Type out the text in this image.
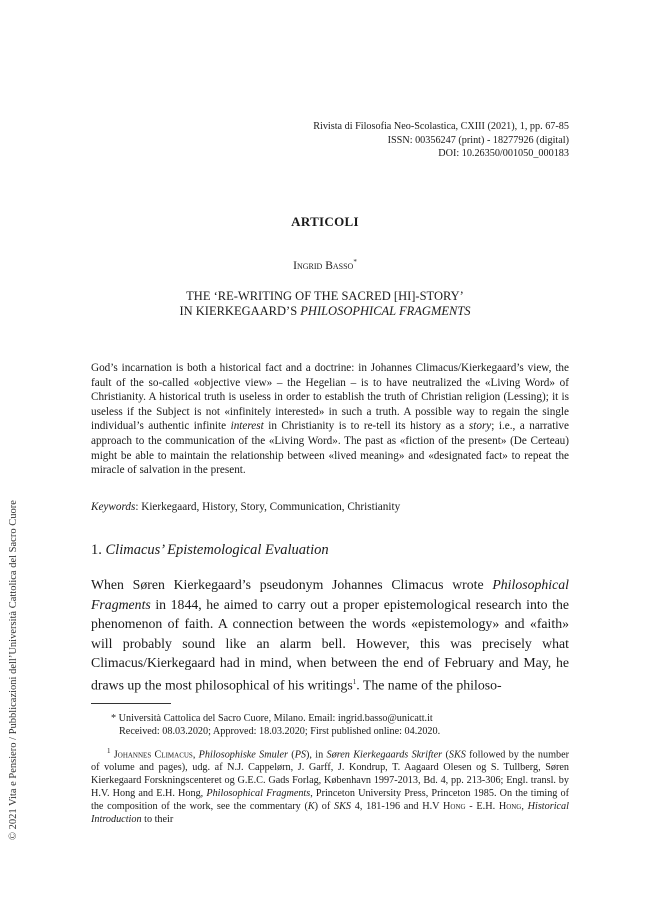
© 2021 Vita e Pensiero / Pubblicazioni dell’Università Cattolica del Sacro Cuore
Rivista di Filosofia Neo-Scolastica, CXIII (2021), 1, pp. 67-85
ISSN: 00356247 (print) - 18277926 (digital)
DOI: 10.26350/001050_000183
ARTICOLI
Ingrid Basso*
THE ‘RE-WRITING OF THE SACRED [HI]-STORY’
IN KIERKEGAARD’S PHILOSOPHICAL FRAGMENTS
God’s incarnation is both a historical fact and a doctrine: in Johannes Climacus/Kierkegaard’s view, the fault of the so-called «objective view» – the Hegelian – is to have neutralized the «Living Word» of Christianity. A historical truth is useless in order to establish the truth of Christian religion (Lessing); it is useless if the Subject is not «infinitely interested» in such a truth. A possible way to regain the single individual’s authentic infinite interest in Christianity is to re-tell its history as a story; i.e., a narrative approach to the communication of the «Living Word». The past as «fiction of the present» (De Certeau) might be able to maintain the relationship between «lived meaning» and «designated fact» to repeat the miracle of salvation in the present.
Keywords: Kierkegaard, History, Story, Communication, Christianity
1. Climacus’ Epistemological Evaluation
When Søren Kierkegaard’s pseudonym Johannes Climacus wrote Philosophical Fragments in 1844, he aimed to carry out a proper epistemological research into the phenomenon of faith. A connection between the words «epistemology» and «faith» will probably sound like an alarm bell. However, this was precisely what Climacus/Kierkegaard had in mind, when between the end of February and May, he draws up the most philosophical of his writings$^1$. The name of the philoso-
* Università Cattolica del Sacro Cuore, Milano. Email: ingrid.basso@unicatt.it
Received: 08.03.2020; Approved: 18.03.2020; First published online: 04.2020.
$^1$ Johannes Climacus, Philosophiske Smuler (PS), in Søren Kierkegaards Skrifter (SKS followed by the number of volume and pages), udg. af N.J. Cappelørn, J. Garff, J. Kondrup, T. Aagaard Olesen og S. Tullberg, Søren Kierkegaard Forskningscenteret og G.E.C. Gads Forlag, København 1997-2013, Bd. 4, pp. 213-306; Engl. transl. by H.V. Hong and E.H. Hong, Philosophical Fragments, Princeton University Press, Princeton 1985. On the timing of the composition of the work, see the commentary (K) of SKS 4, 181-196 and H.V Hong - E.H. Hong, Historical Introduction to their
